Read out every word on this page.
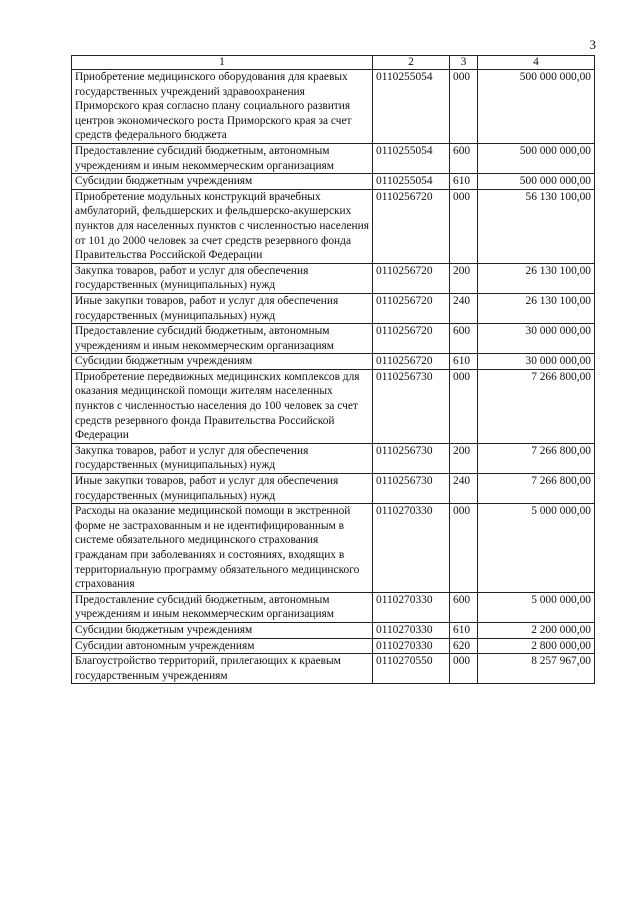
3
1	2	3	4
Приобретение медицинского оборудования для краевых государственных учреждений здравоохранения Приморского края согласно плану социального развития центров экономического роста Приморского края за счет средств федерального бюджета	0110255054	000	500 000 000,00
Предоставление субсидий бюджетным, автономным учреждениям и иным некоммерческим организациям	0110255054	600	500 000 000,00
Субсидии бюджетным учреждениям	0110255054	610	500 000 000,00
Приобретение модульных конструкций врачебных амбулаторий, фельдшерских и фельдшерско-акушерских пунктов для населенных пунктов с численностью населения от 101 до 2000 человек за счет средств резервного фонда Правительства Российской Федерации	0110256720	000	56 130 100,00
Закупка товаров, работ и услуг для обеспечения государственных (муниципальных) нужд	0110256720	200	26 130 100,00
Иные закупки товаров, работ и услуг для обеспечения государственных (муниципальных) нужд	0110256720	240	26 130 100,00
Предоставление субсидий бюджетным, автономным учреждениям и иным некоммерческим организациям	0110256720	600	30 000 000,00
Субсидии бюджетным учреждениям	0110256720	610	30 000 000,00
Приобретение передвижных медицинских комплексов для оказания медицинской помощи жителям населенных пунктов с численностью населения до 100 человек за счет средств резервного фонда Правительства Российской Федерации	0110256730	000	7 266 800,00
Закупка товаров, работ и услуг для обеспечения государственных (муниципальных) нужд	0110256730	200	7 266 800,00
Иные закупки товаров, работ и услуг для обеспечения государственных (муниципальных) нужд	0110256730	240	7 266 800,00
Расходы на оказание медицинской помощи в экстренной форме не застрахованным и не идентифицированным в системе обязательного медицинского страхования гражданам при заболеваниях и состояниях, входящих в территориальную программу обязательного медицинского страхования	0110270330	000	5 000 000,00
Предоставление субсидий бюджетным, автономным учреждениям и иным некоммерческим организациям	0110270330	600	5 000 000,00
Субсидии бюджетным учреждениям	0110270330	610	2 200 000,00
Субсидии автономным учреждениям	0110270330	620	2 800 000,00
Благоустройство территорий, прилегающих к краевым государственным учреждениям	0110270550	000	8 257 967,00
